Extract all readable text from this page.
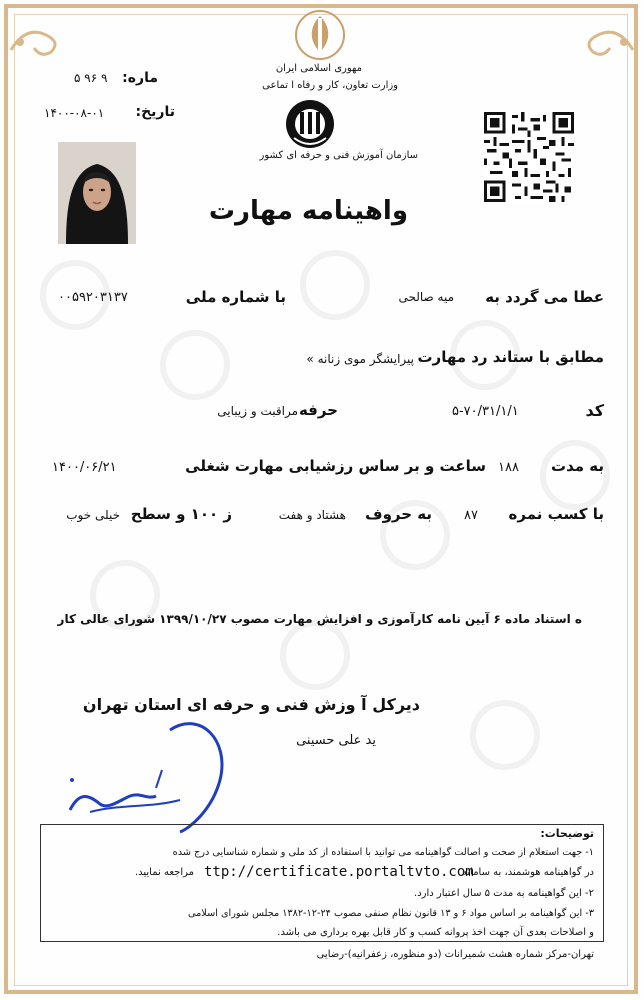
مهوری اسلامی ایران
وزارت تعاون، کار و رفاه ا تماعی
سازمان آموزش فنی و حرفه ای کشور
ماره:
۵ ۹۶ ۹
تاریخ:
۱۴۰۰-۰۸-۰۱
واهینامه مهارت
عطا می گردد به
میه صالحی
با شماره ملی
۰۰۵۹۲۰۳۱۳۷
مطابق با ستاند رد مهارت
پیرایشگر موی زنانه »
کد
۵-۷۰/۳۱/۱/۱
حرفه
مراقبت و زیبایی
به مدت
۱۸۸
ساعت و بر ساس رزشیابی مهارت شغلی
۱۴۰۰/۰۶/۲۱
با کسب نمره
۸۷
به حروف
هشتاد و هفت
ز ۱۰۰ و سطح
خیلی خوب
ه استناد ماده ۶ آیین نامه کارآموزی و افزایش مهارت مصوب ۱۳۹۹/۱۰/۲۷ شورای عالی کار
دیرکل آ وزش فنی و حرفه ای استان تهران
ید علی حسینی
توضیحات:
۱- جهت استعلام از صحت و اصالت گواهینامه می توانید با استفاده از کد ملی و شماره شناسایی درج شده
در گواهینامه هوشمند، به سامانه
ttp://certificate.portaltvto.com
مراجعه نمایید.
۲- این گواهینامه به مدت ۵ سال اعتبار دارد.
۳- این گواهینامه بر اساس مواد ۶ و ۱۳ قانون نظام صنفی مصوب ۲۴-۱۲-۱۳۸۲ مجلس شورای اسلامی
و اصلاحات بعدی آن جهت اخذ پروانه کسب و کار قابل بهره برداری می باشد.
تهران-مرکز شماره هشت شمیرانات (دو منظوره، زعفرانیه)-رضایی
